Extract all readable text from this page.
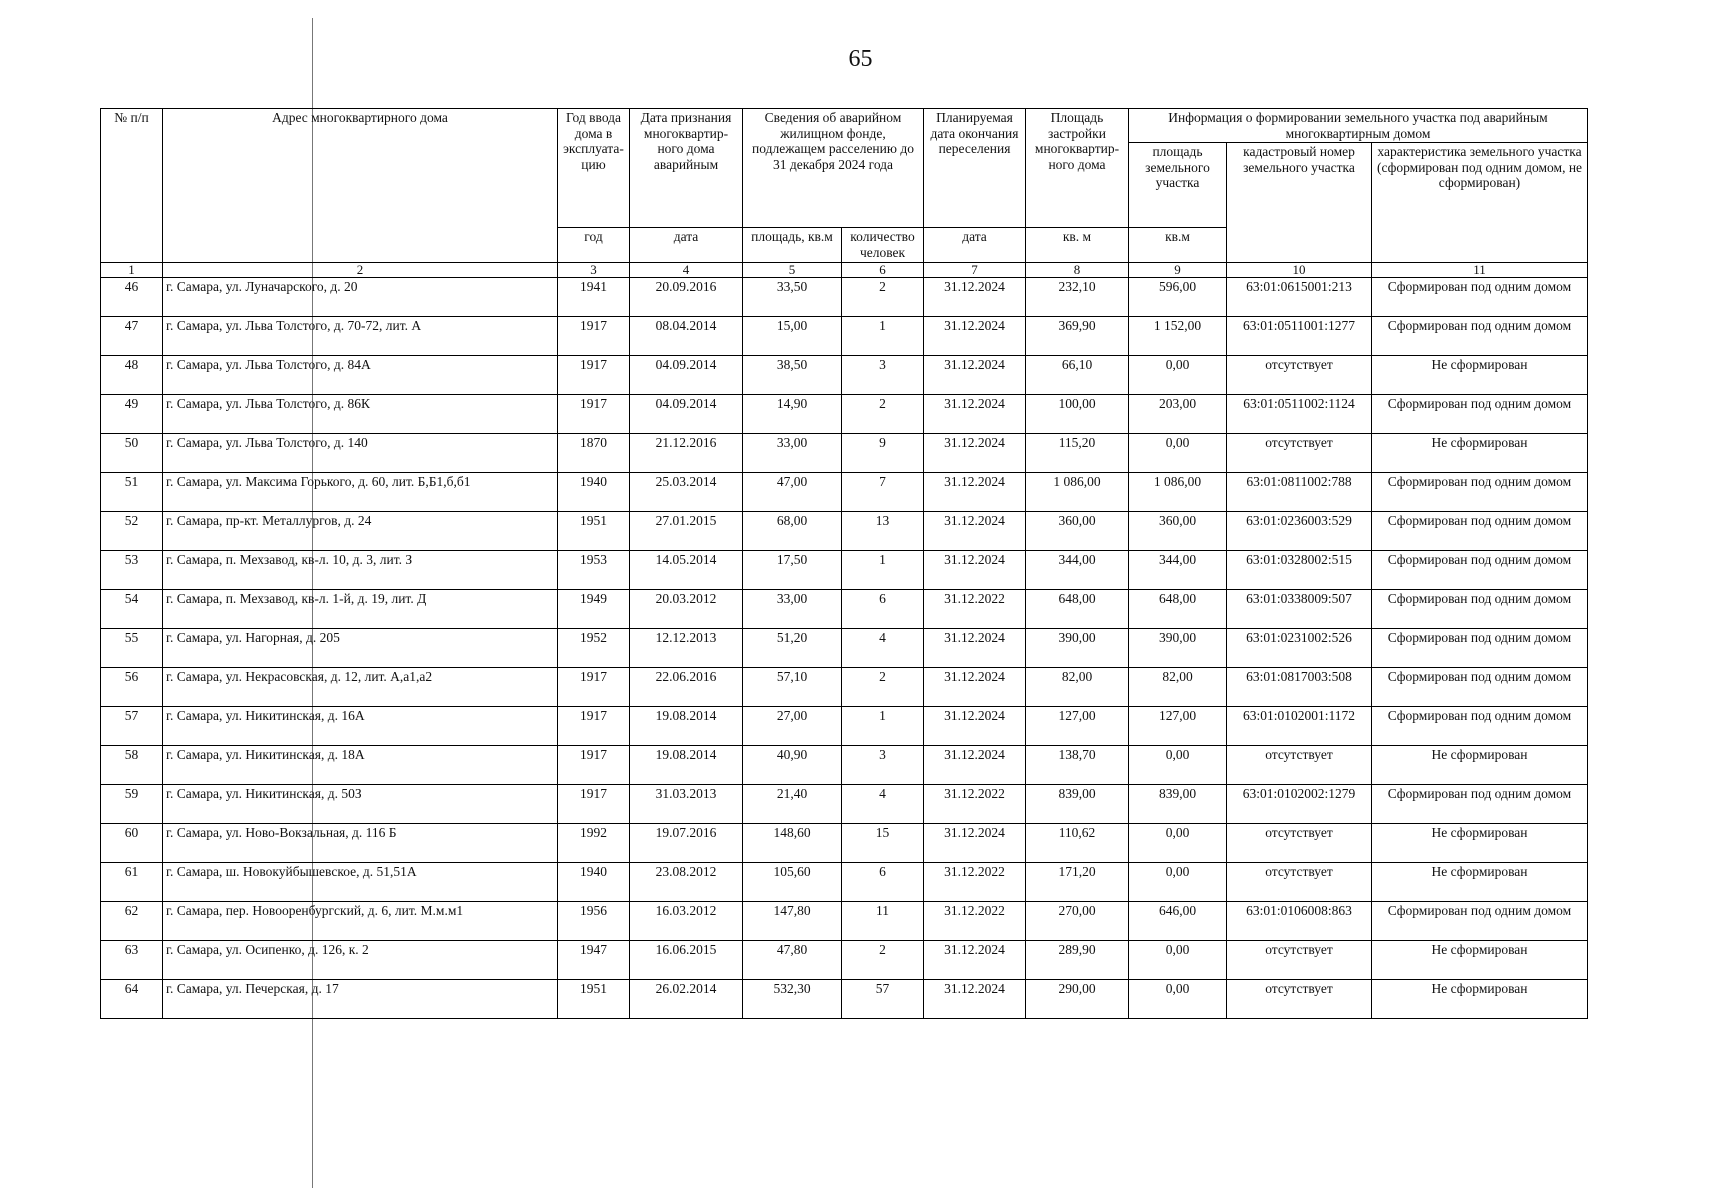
65
№ п/п	Адрес многоквартирного дома	Год ввода дома в эксплуата-цию	Дата признания многоквартир-ного дома аварийным	Сведения об аварийном жилищном фонде, подлежащем расселению до 31 декабря 2024 года		Планируемая дата окончания переселения	Площадь застройки многоквартир-ного дома	Информация о формировании земельного участка под аварийным многоквартирным домом		
								площадь земельного участка	кадастровый номер земельного участка	характеристика земельного участка (сформирован под одним домом, не сформирован)
		год	дата	площадь, кв.м	количество человек	дата	кв. м	кв.м		
1	2	3	4	5	6	7	8	9	10	11
46	г. Самара, ул. Луначарского, д. 20	1941	20.09.2016	33,50	2	31.12.2024	232,10	596,00	63:01:0615001:213	Сформирован под одним домом
47	г. Самара, ул. Льва Толстого, д. 70-72, лит. А	1917	08.04.2014	15,00	1	31.12.2024	369,90	1 152,00	63:01:0511001:1277	Сформирован под одним домом
48	г. Самара, ул. Льва Толстого, д. 84А	1917	04.09.2014	38,50	3	31.12.2024	66,10	0,00	отсутствует	Не сформирован
49	г. Самара, ул. Льва Толстого, д. 86К	1917	04.09.2014	14,90	2	31.12.2024	100,00	203,00	63:01:0511002:1124	Сформирован под одним домом
50	г. Самара, ул. Льва Толстого, д. 140	1870	21.12.2016	33,00	9	31.12.2024	115,20	0,00	отсутствует	Не сформирован
51	г. Самара, ул. Максима Горького, д. 60, лит. Б,Б1,б,б1	1940	25.03.2014	47,00	7	31.12.2024	1 086,00	1 086,00	63:01:0811002:788	Сформирован под одним домом
52	г. Самара, пр-кт. Металлургов, д. 24	1951	27.01.2015	68,00	13	31.12.2024	360,00	360,00	63:01:0236003:529	Сформирован под одним домом
53	г. Самара, п. Мехзавод, кв-л. 10, д. 3, лит. З	1953	14.05.2014	17,50	1	31.12.2024	344,00	344,00	63:01:0328002:515	Сформирован под одним домом
54	г. Самара, п. Мехзавод, кв-л. 1-й, д. 19, лит. Д	1949	20.03.2012	33,00	6	31.12.2022	648,00	648,00	63:01:0338009:507	Сформирован под одним домом
55	г. Самара, ул. Нагорная, д. 205	1952	12.12.2013	51,20	4	31.12.2024	390,00	390,00	63:01:0231002:526	Сформирован под одним домом
56	г. Самара, ул. Некрасовская, д. 12, лит. А,а1,а2	1917	22.06.2016	57,10	2	31.12.2024	82,00	82,00	63:01:0817003:508	Сформирован под одним домом
57	г. Самара, ул. Никитинская, д. 16А	1917	19.08.2014	27,00	1	31.12.2024	127,00	127,00	63:01:0102001:1172	Сформирован под одним домом
58	г. Самара, ул. Никитинская, д. 18А	1917	19.08.2014	40,90	3	31.12.2024	138,70	0,00	отсутствует	Не сформирован
59	г. Самара, ул. Никитинская, д. 50З	1917	31.03.2013	21,40	4	31.12.2022	839,00	839,00	63:01:0102002:1279	Сформирован под одним домом
60	г. Самара, ул. Ново-Вокзальная, д. 116 Б	1992	19.07.2016	148,60	15	31.12.2024	110,62	0,00	отсутствует	Не сформирован
61	г. Самара, ш. Новокуйбышевское, д. 51,51А	1940	23.08.2012	105,60	6	31.12.2022	171,20	0,00	отсутствует	Не сформирован
62	г. Самара, пер. Новооренбургский, д. 6, лит. М.м.м1	1956	16.03.2012	147,80	11	31.12.2022	270,00	646,00	63:01:0106008:863	Сформирован под одним домом
63	г. Самара, ул. Осипенко, д. 126, к. 2	1947	16.06.2015	47,80	2	31.12.2024	289,90	0,00	отсутствует	Не сформирован
64	г. Самара, ул. Печерская, д. 17	1951	26.02.2014	532,30	57	31.12.2024	290,00	0,00	отсутствует	Не сформирован
